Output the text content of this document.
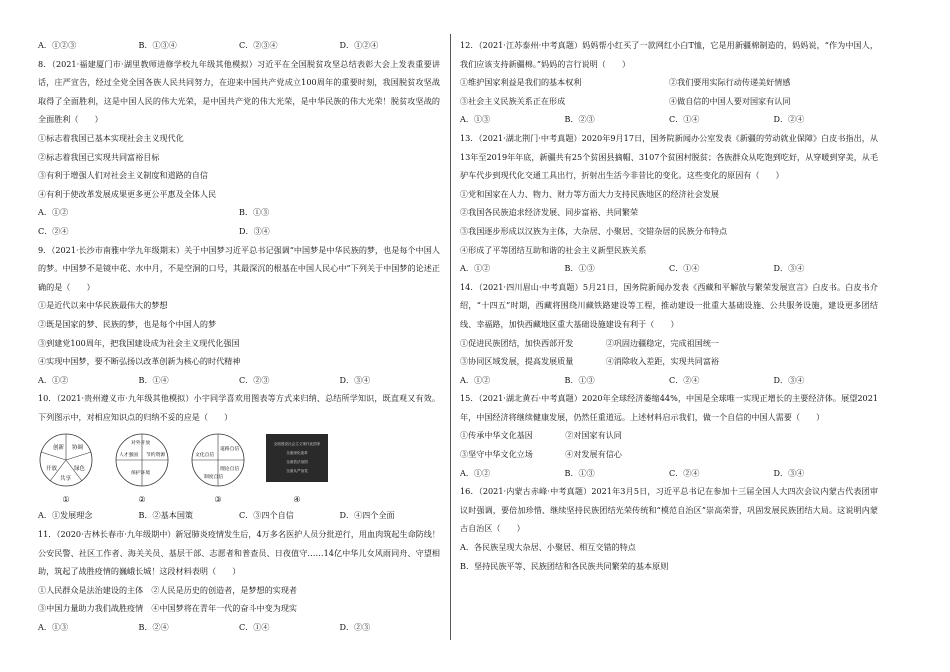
A．①②③	B．①③④	C．②③④	D．①②④

8．（2021·福建厦门市·湖里教师进修学校九年级其他模拟）习近平在全国脱贫攻坚总结表彰大会上发表重要讲话，庄严宣告，经过全党全国各族人民共同努力，在迎来中国共产党成立100周年的重要时刻，我国脱贫攻坚战取得了全面胜利，这是中国人民的伟大光荣，是中国共产党的伟大光荣，是中华民族的伟大光荣！脱贫攻坚战的全面胜利（　　）

①标志着我国已基本实现社会主义现代化

②标志着我国已实现共同富裕目标

③有利于增强人们对社会主义制度和道路的自信

④有利于使改革发展成果更多更公平惠及全体人民

A．①②	B．①③
C．②④	D．③④

9．（2021·长沙市南雅中学九年级期末）关于中国梦习近平总书记强调“中国梦是中华民族的梦，也是每个中国人的梦。中国梦不是镜中花、水中月，不是空洞的口号，其最深沉的根基在中国人民心中”下列关于中国梦的论述正确的是（　　）

①是近代以来中华民族最伟大的梦想

②既是国家的梦、民族的梦，也是每个中国人的梦

③到建党100周年，把我国建设成为社会主义现代化强国

④实现中国梦，要不断弘扬以改革创新为核心的时代精神

A．①②	B．①④	C．②③	D．③④

10．（2021·贵州遵义市·九年级其他模拟）小宇同学喜欢用图表等方式来归纳、总结所学知识，既直观又有效。下列图示中，对相应知识点的归纳不妥的应是（　　）

创新 协调
开放	绿色
共享
对外开放
人才强国 节约资源
保护环境
道路自信
文化自信
理论自信
制度自信
全面建设社会主义现代化国家
全面深化改革
全面依法治国
全面从严治党
①	②	③	④
A．①发展理念	B．②基本国策	C．③四个自信	D．④四个全面

11．（2020·吉林长春市·九年级期中）新冠肺炎疫情发生后，4万多名医护人员分批逆行，用血肉筑起生命防线！公安民警、社区工作者、海关关员、基层干部、志愿者和普查员、日夜值守……14亿中华儿女风雨同舟、守望相助，筑起了战胜疫情的巍峨长城！这段材料表明（　　）

①人民群众是法治建设的主体　②人民是历史的创造者，是梦想的实现者

③中国力量助力我们战胜疫情　④中国梦将在青年一代的奋斗中变为现实

A．①③	B．②④	C．①④	D．②③

12．（2021·江苏泰州·中考真题）妈妈帮小红买了一款网红小白T恤，它是用新疆棉制造的，妈妈说，“作为中国人，我们应该支持新疆棉。”妈妈的言行说明（　　）

①维护国家利益是我们的基本权利	②我们要用实际行动传递美好情感
③社会主义民族关系正在形成	④做自信的中国人要对国家有认同
A．①③	B．②③	C．①④	D．②④

13．（2021·湖北荆门·中考真题）2020年9月17日，国务院新闻办公室发表《新疆的劳动就业保障》白皮书指出，从13年至2019年年底，新疆共有25个贫困县摘帽、3107个贫困村脱贫；各族群众从吃饱到吃好，从穿暖到穿美，从毛驴车代步到现代化交通工具出行，折射出生活今非昔比的变化。这些变化的原因有（　　）

①党和国家在人力、物力、财力等方面大力支持民族地区的经济社会发展

②我国各民族追求经济发展、同步富裕、共同繁荣

③我国逐步形成以汉族为主体，大杂居、小聚居、交错杂居的民族分布特点

④形成了平等团结互助和谐的社会主义新型民族关系

A．①②	B．①③	C．①④	D．③④

14．（2021·四川眉山·中考真题）5月21日，国务院新闻办发表《西藏和平解放与繁荣发展宣言》白皮书。白皮书介绍，“十四五”时期，西藏将围绕川藏铁路建设等工程，推动建设一批重大基础设施、公共服务设施，建设更多团结线、幸福路，加快西藏地区重大基础设施建设有利于（　　）

①促进民族团结，加快西部开发　　　　②巩固边疆稳定，完成祖国统一

③协同区域发展，提高发展质量　　　　④消除收入差距，实现共同富裕

A．①②	B．①③	C．②④	D．③④

15．（2021·湖北黄石·中考真题）2020年全球经济萎缩44%，中国是全球唯一实现正增长的主要经济体。展望2021年，中国经济将继续健康发展，仍然任重道远。上述材料启示我们，做一个自信的中国人需要（　　）

①传承中华文化基因　　　　②对国家有认同

③坚守中华文化立场　　　　④对发展有信心

A．①②	B．①③	C．②④	D．③④

16．（2021·内蒙古赤峰·中考真题）2021年3月5日，习近平总书记在参加十三届全国人大四次会议内蒙古代表团审议时强调，要倍加珍惜、继续坚持民族团结光荣传统和“模范自治区”崇高荣誉，巩固发展民族团结大局。这说明内蒙古自治区（　　）

A．各民族呈现大杂居、小聚居、相互交错的特点

B．坚持民族平等、民族团结和各民族共同繁荣的基本原则
